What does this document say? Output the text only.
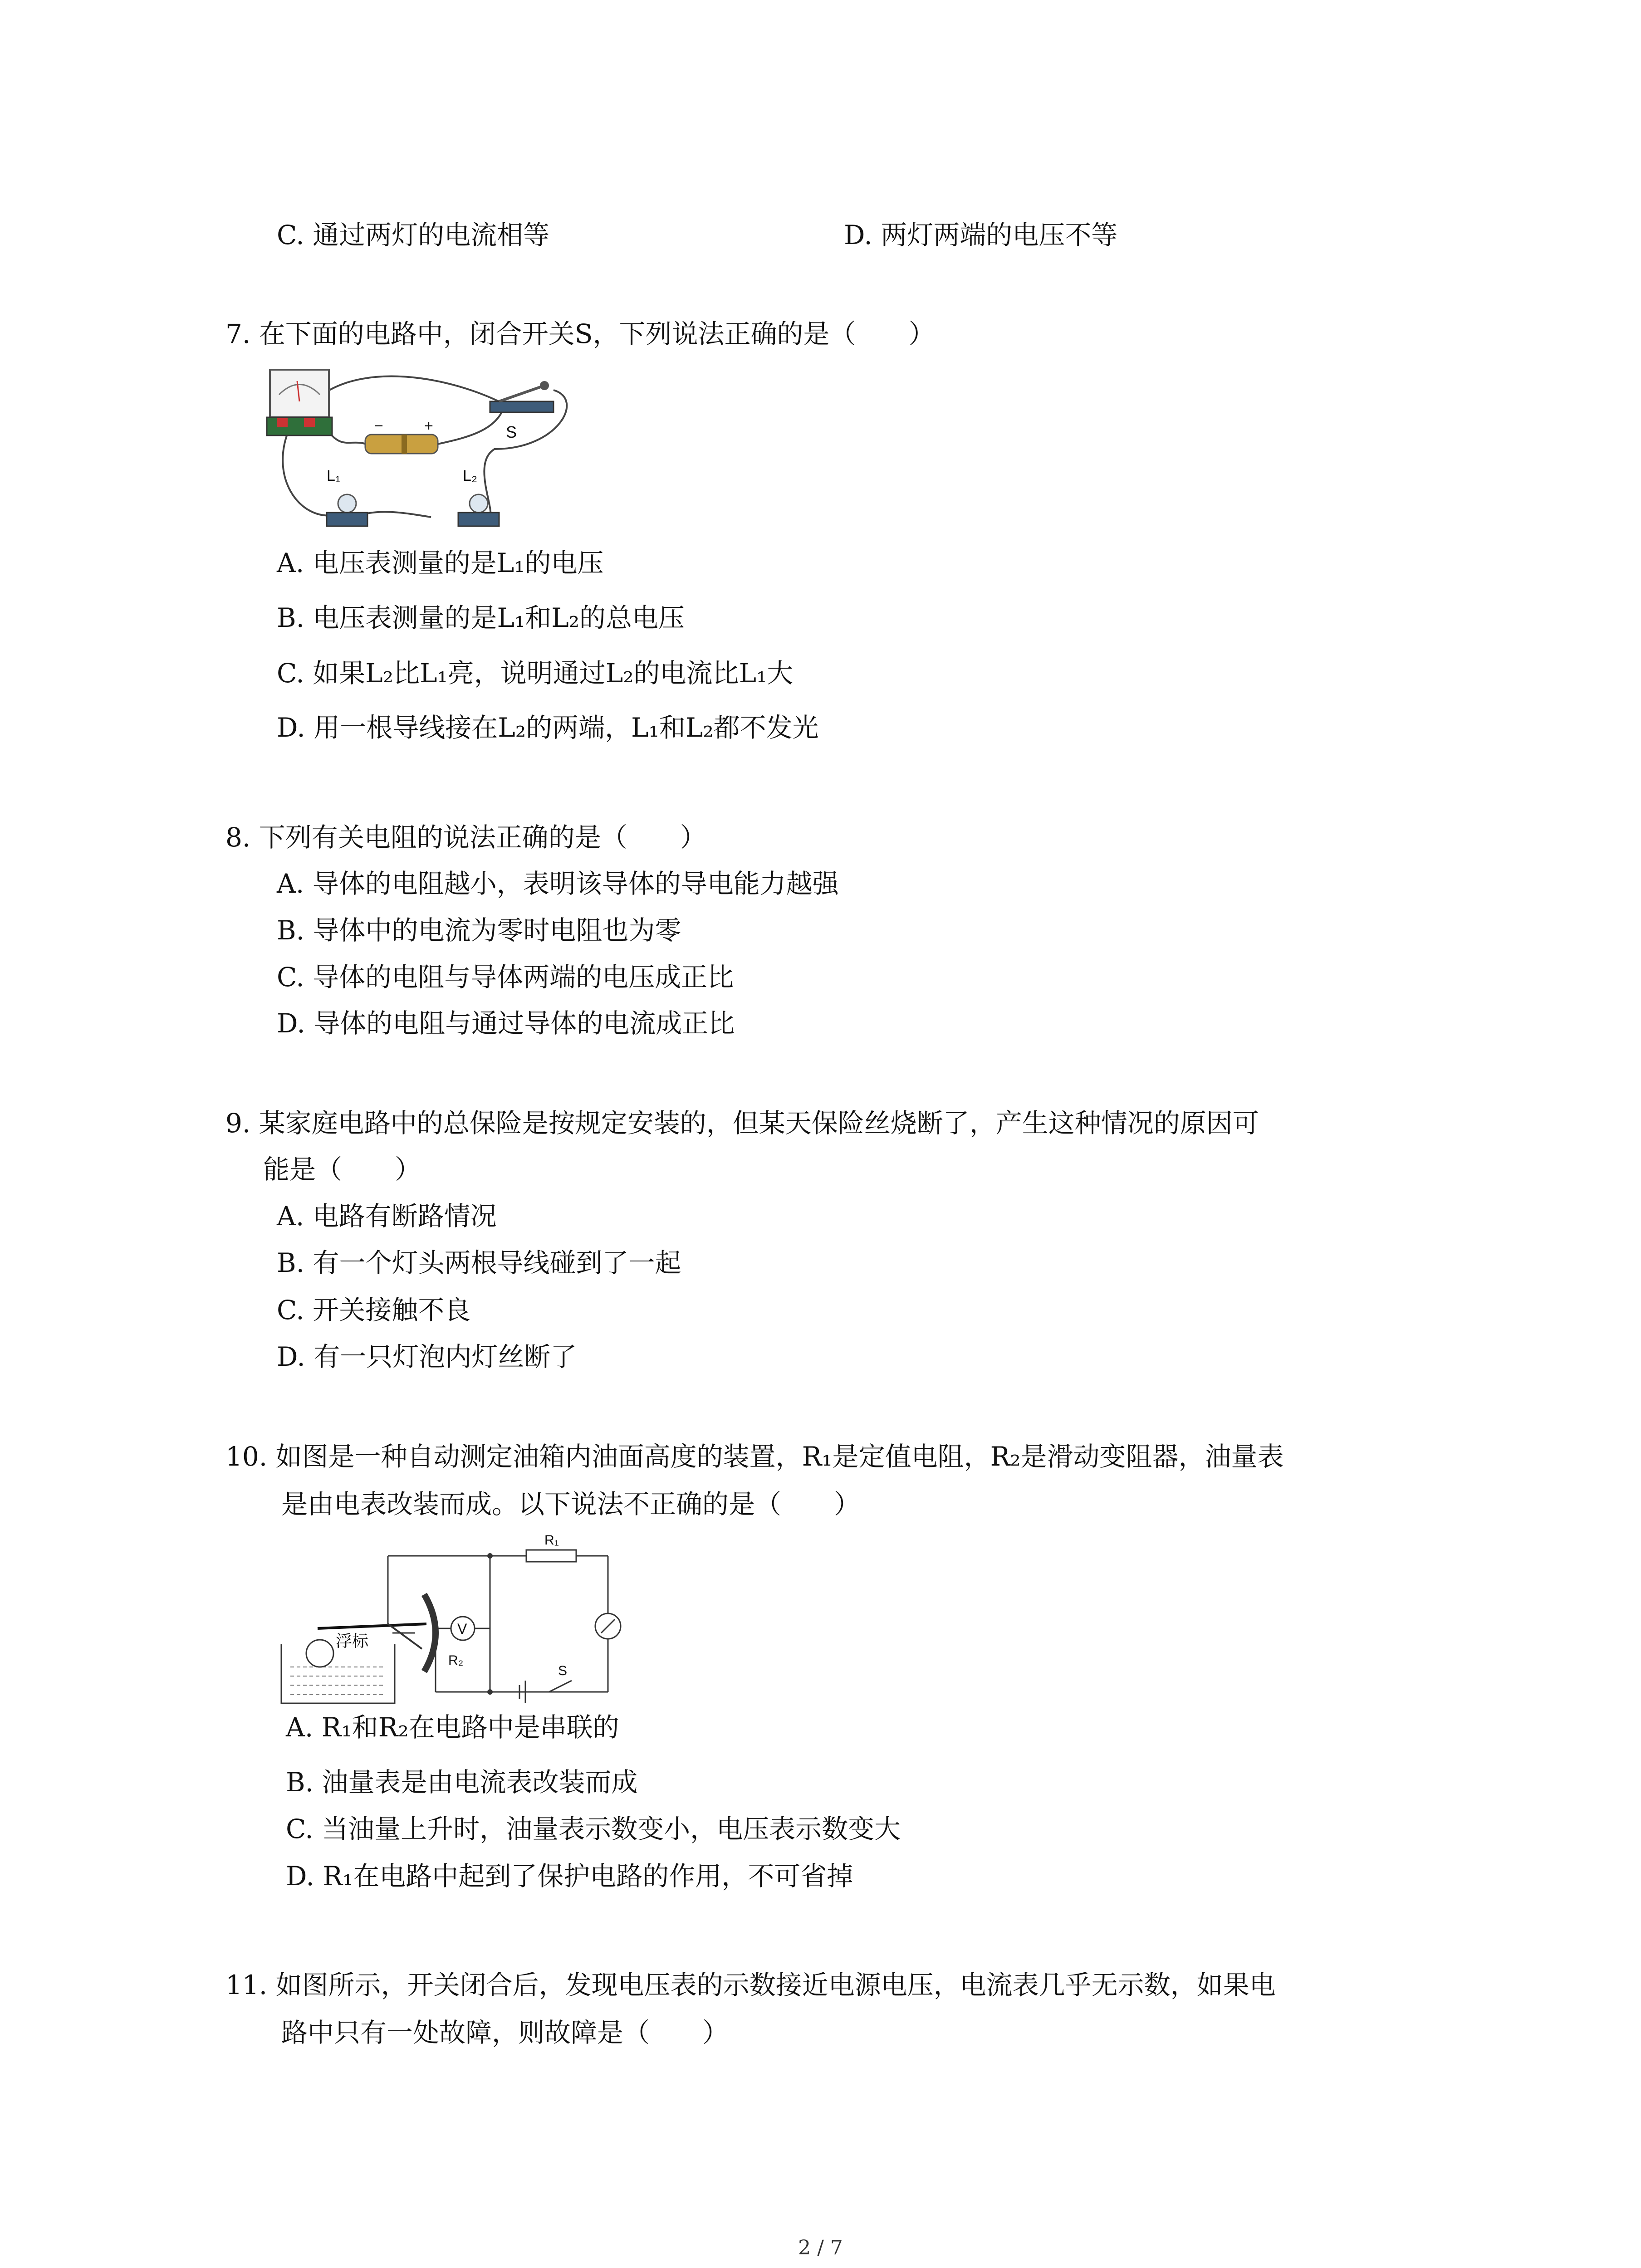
C. 通过两灯的电流相等	D. 两灯两端的电压不等
7. 在下面的电路中，闭合开关S，下列说法正确的是（　　）
−	+	S
L₁	L₂
A. 电压表测量的是L₁的电压
B. 电压表测量的是L₁和L₂的总电压
C. 如果L₂比L₁亮，说明通过L₂的电流比L₁大
D. 用一根导线接在L₂的两端，L₁和L₂都不发光
8. 下列有关电阻的说法正确的是（　　）
A. 导体的电阻越小，表明该导体的导电能力越强
B. 导体中的电流为零时电阻也为零
C. 导体的电阻与导体两端的电压成正比
D. 导体的电阻与通过导体的电流成正比
9. 某家庭电路中的总保险是按规定安装的，但某天保险丝烧断了，产生这种情况的原因可
能是（　　）
A. 电路有断路情况
B. 有一个灯头两根导线碰到了一起
C. 开关接触不良
D. 有一只灯泡内灯丝断了
10. 如图是一种自动测定油箱内油面高度的装置，R₁是定值电阻，R₂是滑动变阻器，油量表
是由电表改装而成。以下说法不正确的是（　　）
R₁
V
R₂
S
浮标
A. R₁和R₂在电路中是串联的
B. 油量表是由电流表改装而成
C. 当油量上升时，油量表示数变小，电压表示数变大
D. R₁在电路中起到了保护电路的作用，不可省掉
11. 如图所示，开关闭合后，发现电压表的示数接近电源电压，电流表几乎无示数，如果电
路中只有一处故障，则故障是（　　）
2 / 7
